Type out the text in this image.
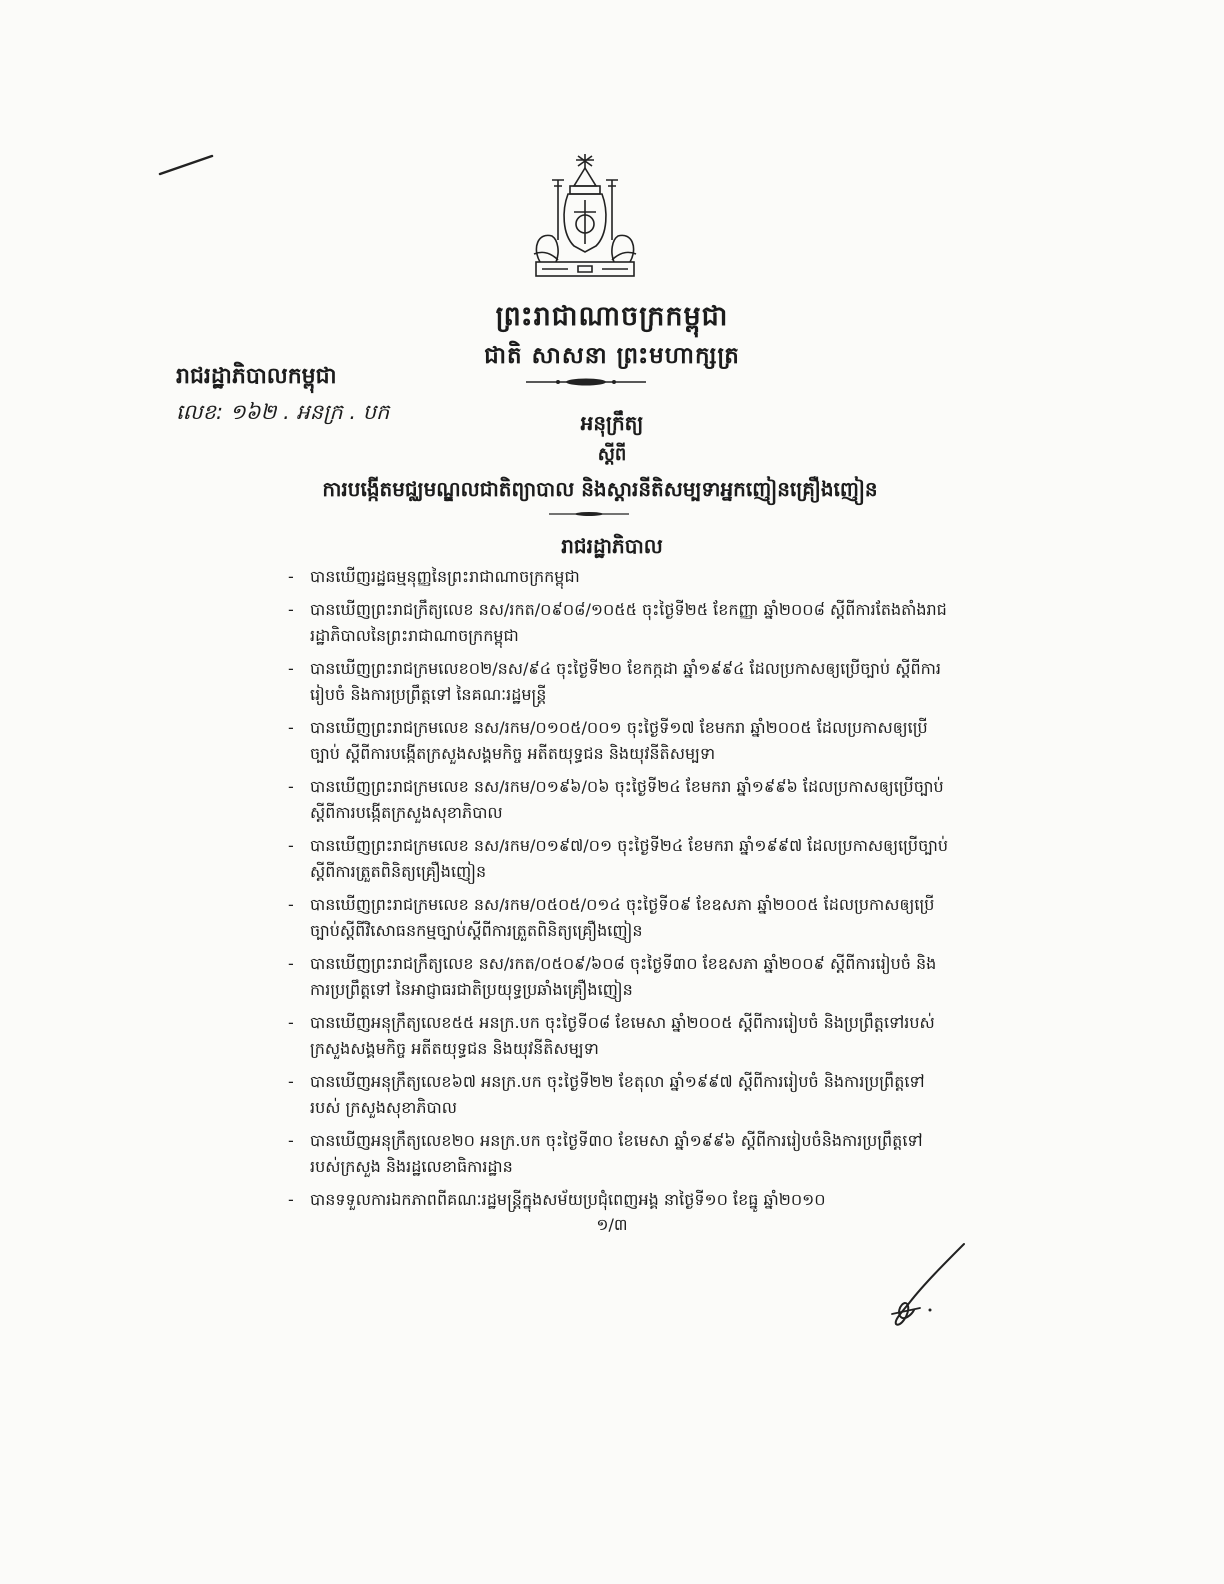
ព្រះរាជាណាចក្រកម្ពុជា
ជាតិ សាសនា ព្រះមហាក្សត្រ
រាជរដ្ឋាភិបាលកម្ពុជា
លេខ: ១៦២ . អនក្រ . បក	អនុក្រឹត្យ
ស្តីពី
ការបង្កើតមជ្ឈមណ្ឌលជាតិព្យាបាល និងស្តារនីតិសម្បទាអ្នកញៀនគ្រឿងញៀន
រាជរដ្ឋាភិបាល
- បានឃើញរដ្ឋធម្មនុញ្ញនៃព្រះរាជាណាចក្រកម្ពុជា
- បានឃើញព្រះរាជក្រឹត្យលេខ នស/រកត/០៩០៨/១០៥៥ ចុះថ្ងៃទី២៥ ខែកញ្ញា ឆ្នាំ២០០៨ ស្តីពីការតែងតាំងរាជរដ្ឋាភិបាលនៃព្រះរាជាណាចក្រកម្ពុជា
- បានឃើញព្រះរាជក្រមលេខ០២/នស/៩៤ ចុះថ្ងៃទី២០ ខែកក្កដា ឆ្នាំ១៩៩៤ ដែលប្រកាសឲ្យប្រើច្បាប់ ស្តីពីការរៀបចំ និងការប្រព្រឹត្តទៅ នៃគណៈរដ្ឋមន្ត្រី
- បានឃើញព្រះរាជក្រមលេខ នស/រកម/០១០៥/០០១ ចុះថ្ងៃទី១៧ ខែមករា ឆ្នាំ២០០៥ ដែលប្រកាសឲ្យប្រើច្បាប់ ស្តីពីការបង្កើតក្រសួងសង្គមកិច្ច អតីតយុទ្ធជន និងយុវនីតិសម្បទា
- បានឃើញព្រះរាជក្រមលេខ នស/រកម/០១៩៦/០៦ ចុះថ្ងៃទី២៤ ខែមករា ឆ្នាំ១៩៩៦ ដែលប្រកាសឲ្យប្រើច្បាប់ ស្តីពីការបង្កើតក្រសួងសុខាភិបាល
- បានឃើញព្រះរាជក្រមលេខ នស/រកម/០១៩៧/០១ ចុះថ្ងៃទី២៤ ខែមករា ឆ្នាំ១៩៩៧ ដែលប្រកាសឲ្យប្រើច្បាប់ ស្តីពីការត្រួតពិនិត្យគ្រឿងញៀន
- បានឃើញព្រះរាជក្រមលេខ នស/រកម/០៥០៥/០១៤ ចុះថ្ងៃទី០៩ ខែឧសភា ឆ្នាំ២០០៥ ដែលប្រកាសឲ្យប្រើច្បាប់ស្តីពីវិសោធនកម្មច្បាប់ស្តីពីការត្រួតពិនិត្យគ្រឿងញៀន
- បានឃើញព្រះរាជក្រឹត្យលេខ នស/រកត/០៥០៩/៦០៨ ចុះថ្ងៃទី៣០ ខែឧសភា ឆ្នាំ២០០៩ ស្តីពីការរៀបចំ និងការប្រព្រឹត្តទៅ នៃអាជ្ញាធរជាតិប្រយុទ្ធប្រឆាំងគ្រឿងញៀន
- បានឃើញអនុក្រឹត្យលេខ៥៥ អនក្រ.បក ចុះថ្ងៃទី០៨ ខែមេសា ឆ្នាំ២០០៥ ស្តីពីការរៀបចំ និងប្រព្រឹត្តទៅរបស់ក្រសួងសង្គមកិច្ច អតីតយុទ្ធជន និងយុវនីតិសម្បទា
- បានឃើញអនុក្រឹត្យលេខ៦៧ អនក្រ.បក ចុះថ្ងៃទី២២ ខែតុលា ឆ្នាំ១៩៩៧ ស្តីពីការរៀបចំ និងការប្រព្រឹត្តទៅរបស់ ក្រសួងសុខាភិបាល
- បានឃើញអនុក្រឹត្យលេខ២០ អនក្រ.បក ចុះថ្ងៃទី៣០ ខែមេសា ឆ្នាំ១៩៩៦ ស្តីពីការរៀបចំនិងការប្រព្រឹត្តទៅរបស់ក្រសួង និងរដ្ឋលេខាធិការដ្ឋាន
- បានទទួលការឯកភាពពីគណៈរដ្ឋមន្ត្រីក្នុងសម័យប្រជុំពេញអង្គ នាថ្ងៃទី១០ ខែធ្នូ ឆ្នាំ២០១០
១/៣
